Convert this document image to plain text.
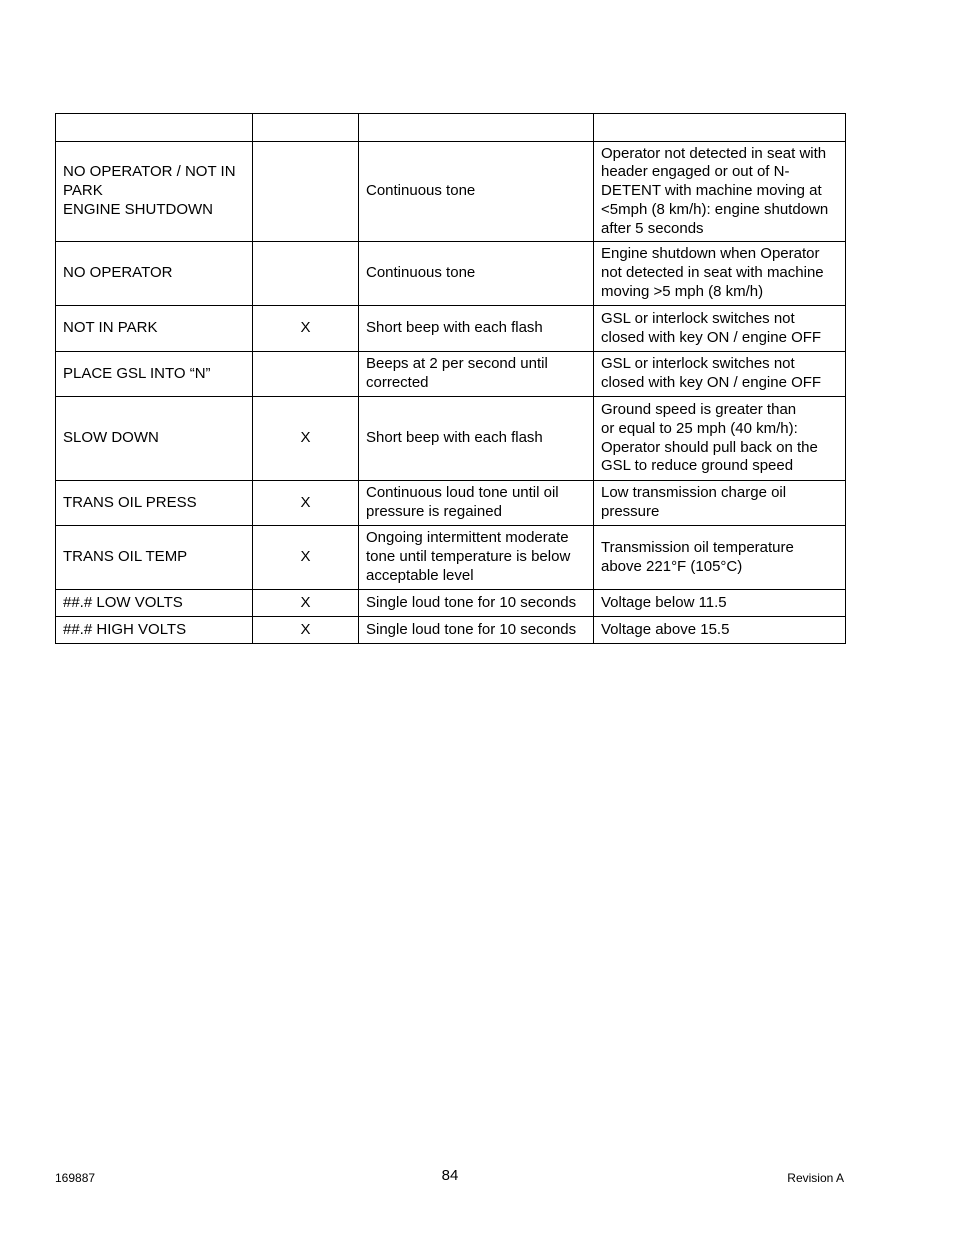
NO OPERATOR / NOT IN
PARK
ENGINE SHUTDOWN		Continuous tone	Operator not detected in seat with header engaged or out of N-DETENT with machine moving at <5mph (8 km/h): engine shutdown after 5 seconds
NO OPERATOR		Continuous tone	Engine shutdown when Operator not detected in seat with machine moving >5 mph (8 km/h)
NOT IN PARK	X	Short beep with each flash	GSL or interlock switches not closed with key ON / engine OFF
PLACE GSL INTO “N”		Beeps at 2 per second until corrected	GSL or interlock switches not closed with key ON / engine OFF
SLOW DOWN	X	Short beep with each flash	Ground speed is greater than
or equal to 25 mph (40 km/h): Operator should pull back on the GSL to reduce ground speed
TRANS OIL PRESS	X	Continuous loud tone until oil pressure is regained	Low transmission charge oil pressure
TRANS OIL TEMP	X	Ongoing intermittent moderate tone until temperature is below acceptable level	Transmission oil temperature above 221°F (105°C)
##.# LOW VOLTS	X	Single loud tone for 10 seconds	Voltage below 11.5
##.# HIGH VOLTS	X	Single loud tone for 10 seconds	Voltage above 15.5
169887	84	Revision A
